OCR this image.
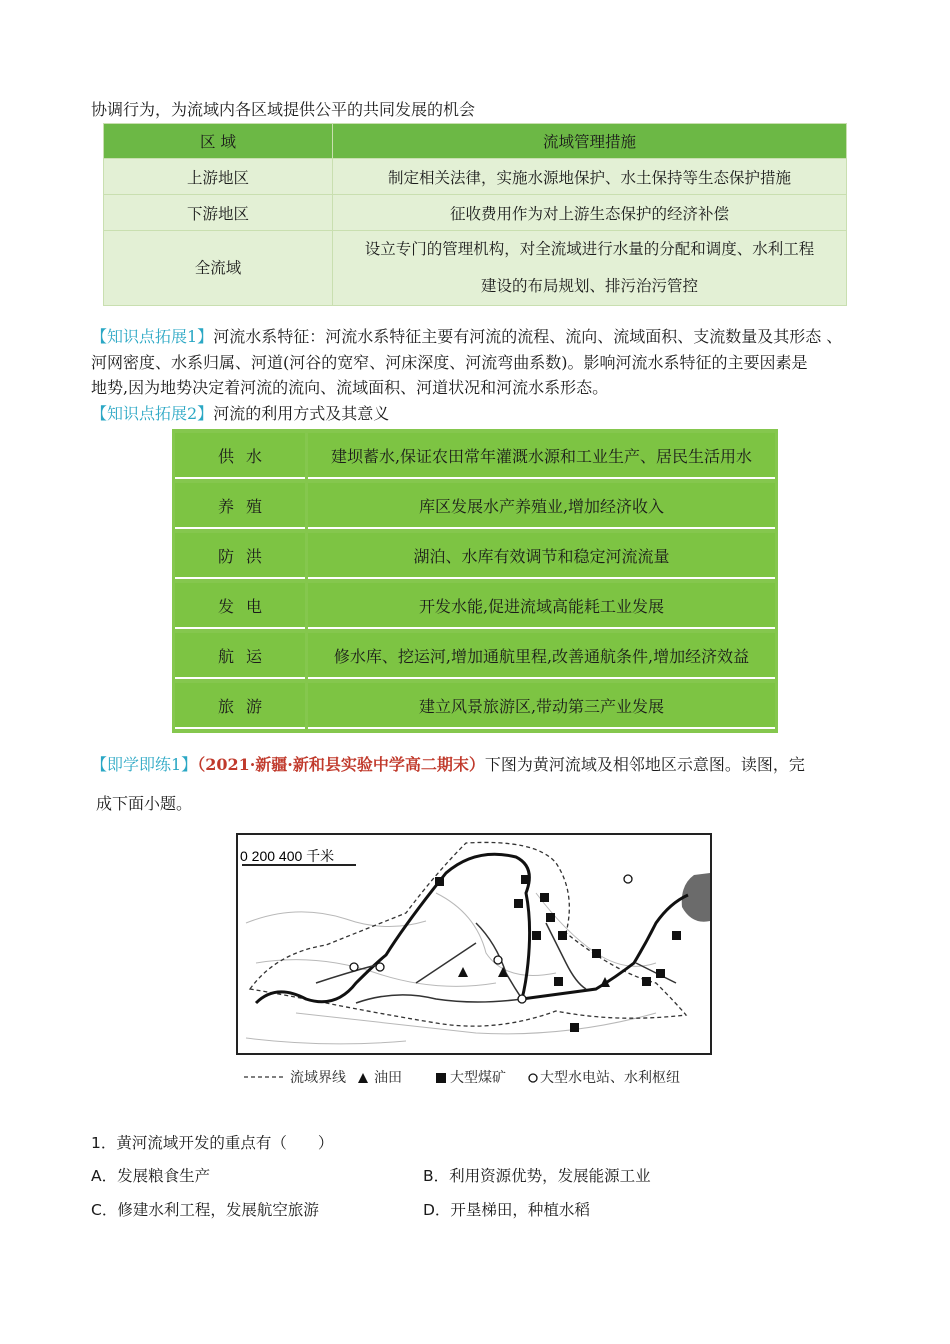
协调行为，为流域内各区域提供公平的共同发展的机会
区 域	流域管理措施
上游地区	制定相关法律，实施水源地保护、水土保持等生态保护措施
下游地区	征收费用作为对上游生态保护的经济补偿
全流域	设立专门的管理机构，对全流域进行水量的分配和调度、水利工程
建设的布局规划、排污治污管控
【知识点拓展1】河流水系特征：河流水系特征主要有河流的流程、流向、流域面积、支流数量及其形态 、
河网密度、水系归属、河道(河谷的宽窄、河床深度、河流弯曲系数)。影响河流水系特征的主要因素是
地势,因为地势决定着河流的流向、流域面积、河道状况和河流水系形态。
【知识点拓展2】河流的利用方式及其意义
供水	建坝蓄水,保证农田常年灌溉水源和工业生产、居民生活用水
养殖	库区发展水产养殖业,增加经济收入
防洪	湖泊、水库有效调节和稳定河流流量
发电	开发水能,促进流域高能耗工业发展
航运	修水库、挖运河,增加通航里程,改善通航条件,增加经济效益
旅游	建立风景旅游区,带动第三产业发展
【即学即练1】（2021·新疆·新和县实验中学高二期末）下图为黄河流域及相邻地区示意图。读图，完
成下面小题。
0 200 400 千米
流域界线 油田	大型煤矿 大型水电站、水利枢纽
1．黄河流域开发的重点有（　　）
A．发展粮食生产	B．利用资源优势，发展能源工业
C．修建水利工程，发展航空旅游	D．开垦梯田，种植水稻
